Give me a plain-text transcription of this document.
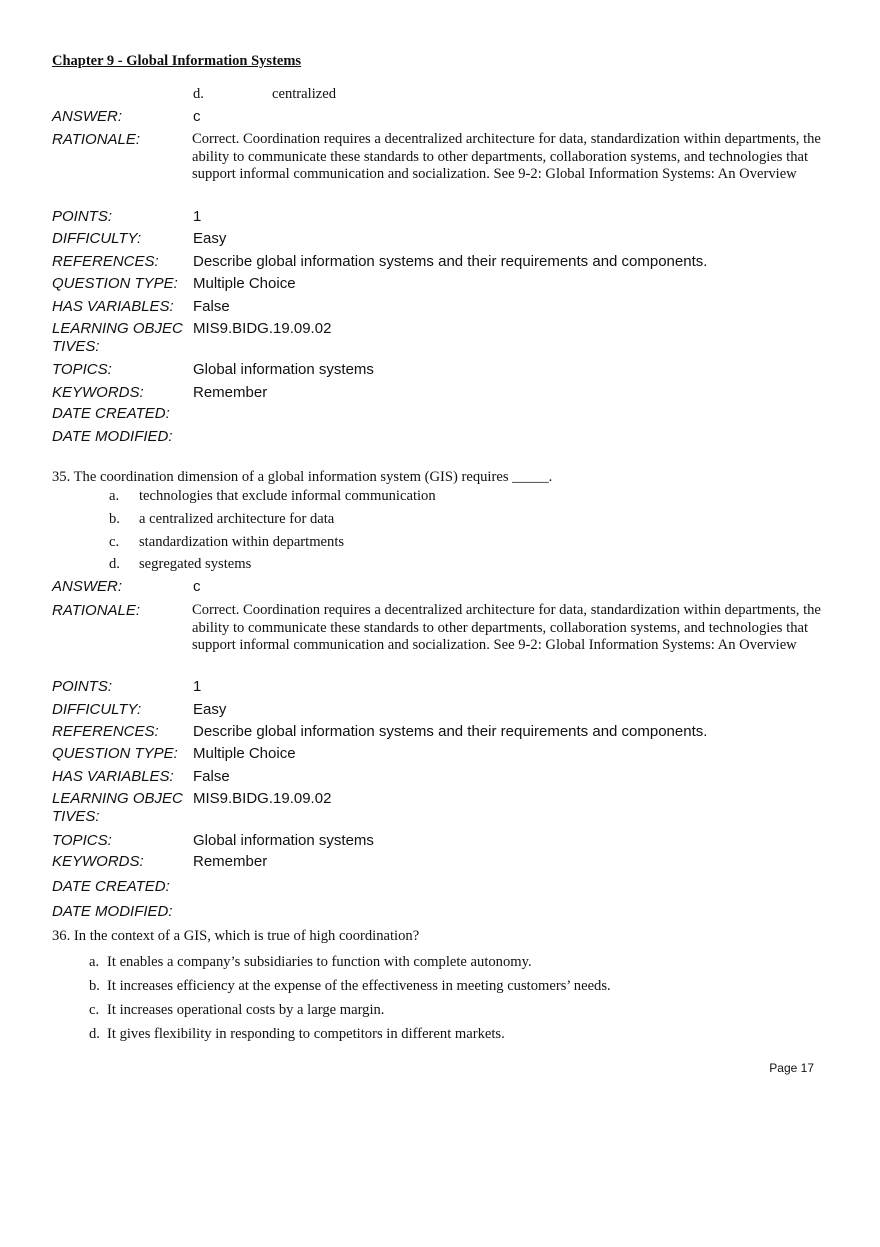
Chapter 9 - Global Information Systems
d.	centralized
ANSWER:	c
RATIONALE:	Correct. Coordination requires a decentralized architecture for data, standardization within departments, the ability to communicate these standards to other departments, collaboration systems, and technologies that support informal communication and socialization. See 9-2: Global Information Systems: An Overview
POINTS:	1
DIFFICULTY:	Easy
REFERENCES: Describe global information systems and their requirements and components.
QUESTION TYPE: Multiple Choice
HAS VARIABLES: False
LEARNING OBJEC
TIVES:
MIS9.BIDG.19.09.02
TOPICS:	Global information systems
KEYWORDS:	Remember
DATE CREATED:
DATE MODIFIED:
35. The coordination dimension of a global information system (GIS) requires _____.
a. technologies that exclude informal communication
b. a centralized architecture for data
c. standardization within departments
d. segregated systems
ANSWER:	c
RATIONALE:	Correct. Coordination requires a decentralized architecture for data, standardization within departments, the ability to communicate these standards to other departments, collaboration systems, and technologies that support informal communication and socialization. See 9-2: Global Information Systems: An Overview
POINTS:	1
DIFFICULTY:	Easy
REFERENCES: Describe global information systems and their requirements and components.
QUESTION TYPE: Multiple Choice
HAS VARIABLES: False
LEARNING OBJEC
TIVES:
MIS9.BIDG.19.09.02
TOPICS:	Global information systems
KEYWORDS:	Remember
DATE CREATED:
DATE MODIFIED:
36. In the context of a GIS, which is true of high coordination?
a. It enables a company’s subsidiaries to function with complete autonomy.
b. It increases efficiency at the expense of the effectiveness in meeting customers’ needs.
c. It increases operational costs by a large margin.
d. It gives flexibility in responding to competitors in different markets.
Page 17
